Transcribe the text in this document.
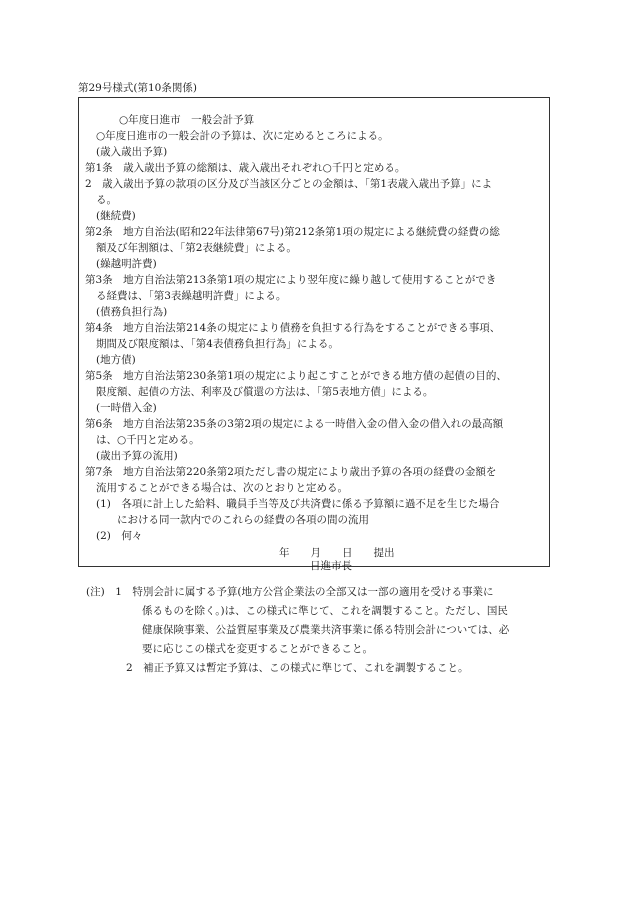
第29号様式(第10条関係)
○年度日進市　一般会計予算
○年度日進市の一般会計の予算は、次に定めるところによる。
(歳入歳出予算)
第1条　歳入歳出予算の総額は、歳入歳出それぞれ○千円と定める。
2　歳入歳出予算の款項の区分及び当該区分ごとの金額は、「第1表歳入歳出予算」によ
る。
(継続費)
第2条　地方自治法(昭和22年法律第67号)第212条第1項の規定による継続費の経費の総
額及び年割額は、「第2表継続費」による。
(繰越明許費)
第3条　地方自治法第213条第1項の規定により翌年度に繰り越して使用することができ
る経費は、「第3表繰越明許費」による。
(債務負担行為)
第4条　地方自治法第214条の規定により債務を負担する行為をすることができる事項、
期間及び限度額は、「第4表債務負担行為」による。
(地方債)
第5条　地方自治法第230条第1項の規定により起こすことができる地方債の起債の目的、
限度額、起債の方法、利率及び償還の方法は、「第5表地方債」による。
(一時借入金)
第6条　地方自治法第235条の3第2項の規定による一時借入金の借入金の借入れの最高額
は、○千円と定める。
(歳出予算の流用)
第7条　地方自治法第220条第2項ただし書の規定により歳出予算の各項の経費の金額を
流用することができる場合は、次のとおりと定める。
(1)　各項に計上した給料、職員手当等及び共済費に係る予算額に過不足を生じた場合
における同一款内でのこれらの経費の各項の間の流用
(2)　何々
年　　月　　日　　提出
日進市長
(注)　1　特別会計に属する予算(地方公営企業法の全部又は一部の適用を受ける事業に
係るものを除く。)は、この様式に準じて、これを調製すること。ただし、国民
健康保険事業、公益質屋事業及び農業共済事業に係る特別会計については、必
要に応じこの様式を変更することができること。
2　補正予算又は暫定予算は、この様式に準じて、これを調製すること。
